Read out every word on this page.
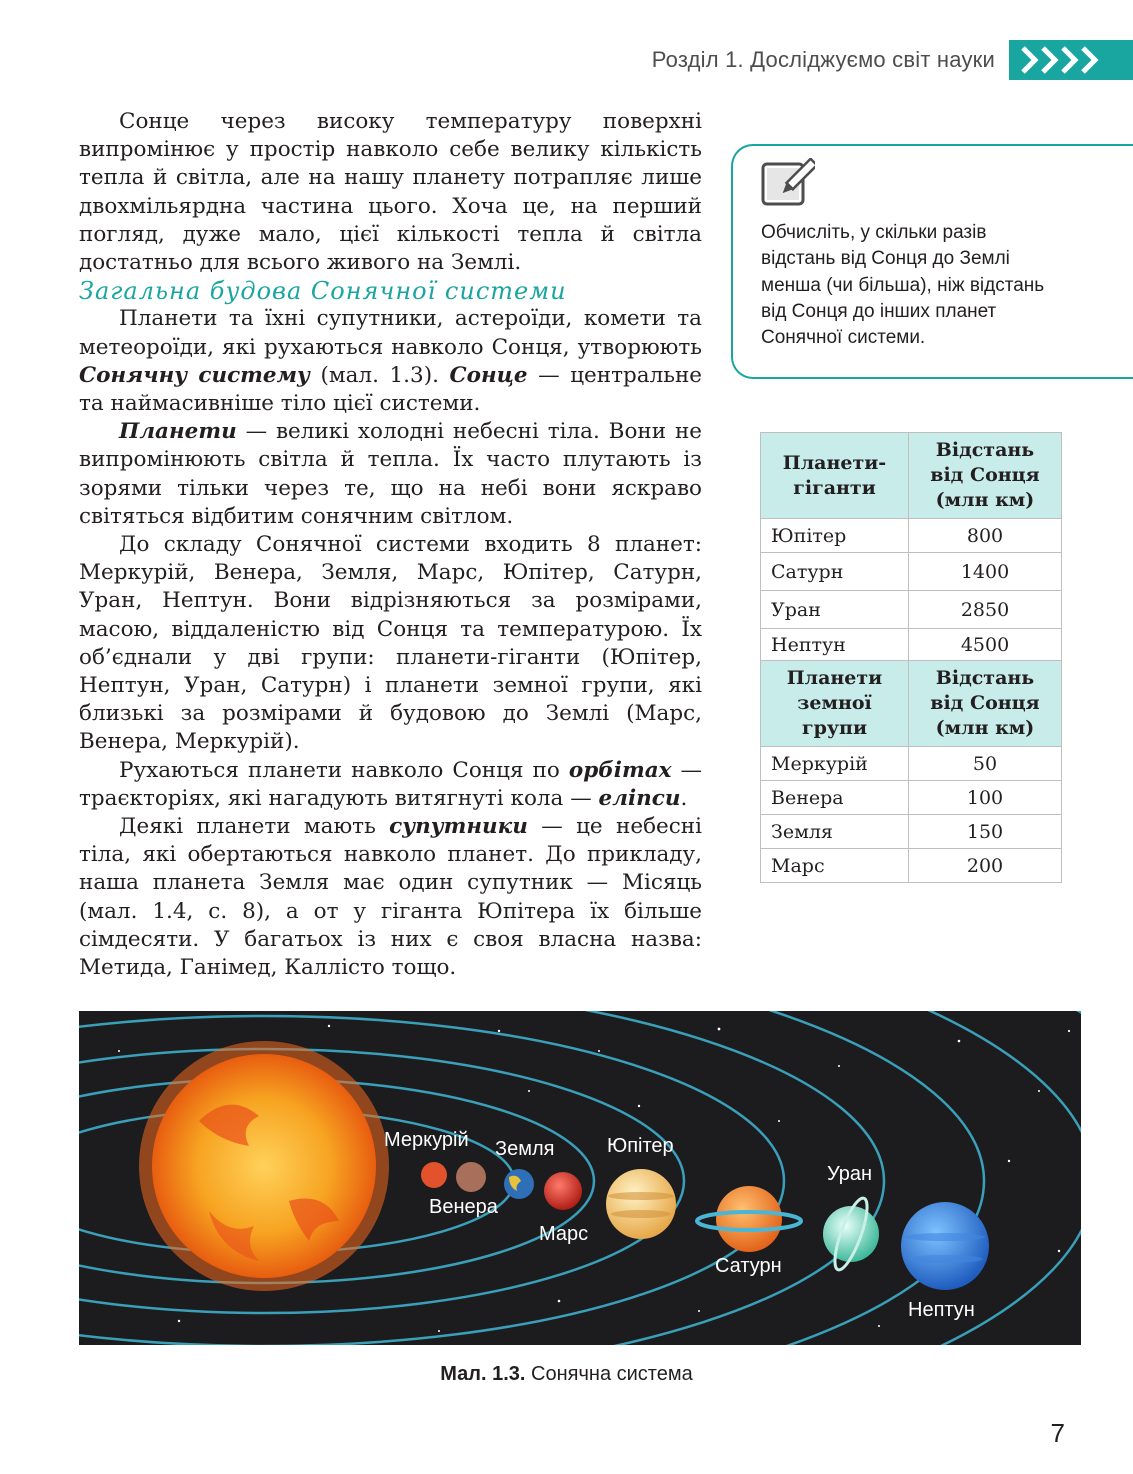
Розділ 1. Досліджуємо світ науки

Сонце через високу температуру поверхні випромінює у простір навколо себе велику кількість тепла й світла, але на нашу планету потрапляє лише двохмільярдна частина цього. Хоча це, на перший погляд, дуже мало, цієї кількості тепла й світла достатньо для всього живого на Землі.

Загальна будова Сонячної системи

Планети та їхні супутники, астероїди, комети та метеороїди, які рухаються навколо Сонця, утворюють Сонячну систему (мал. 1.3). Сонце — центральне та наймасивніше тіло цієї системи.

Планети — великі холодні небесні тіла. Вони не випромінюють світла й тепла. Їх часто плутають із зорями тільки через те, що на небі вони яскраво світяться відбитим сонячним світлом.

До складу Сонячної системи входить 8 планет: Меркурій, Венера, Земля, Марс, Юпітер, Сатурн, Уран, Нептун. Вони відрізняються за розмірами, масою, віддаленістю від Сонця та температурою. Їх об’єднали у дві групи: планети-гіганти (Юпітер, Нептун, Уран, Сатурн) і планети земної групи, які близькі за розмірами й будовою до Землі (Марс, Венера, Меркурій).

Рухаються планети навколо Сонця по орбітах — траєкторіях, які нагадують витягнуті кола — еліпси.

Деякі планети мають супутники — це небесні тіла, які обертаються навколо планет. До прикладу, наша планета Земля має один супутник — Місяць (мал. 1.4, с. 8), а от у гіганта Юпітера їх більше сімдесяти. У багатьох із них є своя власна назва: Метида, Ганімед, Каллісто тощо.

Обчисліть, у скільки разів відстань від Сонця до Землі менша (чи більша), ніж відстань від Сонця до інших планет Сонячної системи.
Планети-гіганти	Відстань від Сонця (млн км)
Юпітер	800
Сатурн	1400
Уран	2850
Нептун	4500
Планети земної групи	Відстань від Сонця (млн км)
Меркурій	50
Венера	100
Земля	150
Марс	200
Меркурій
Венера
Земля
Марс
Юпітер
Сатурн
Уран
Нептун
Мал. 1.3. Сонячна система
7
